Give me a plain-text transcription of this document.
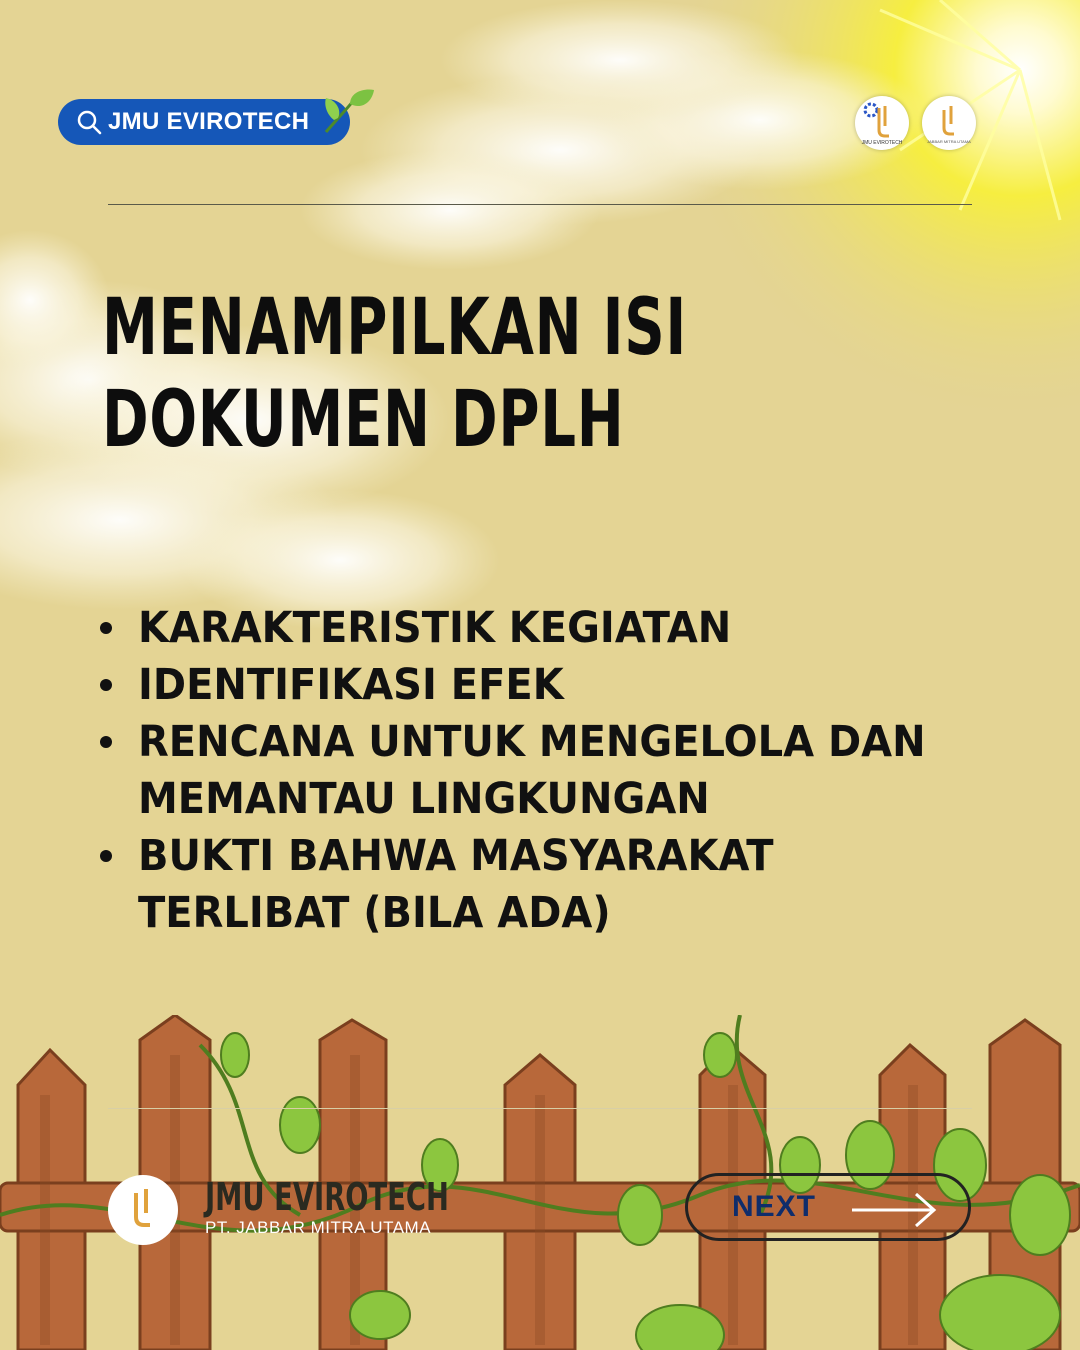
JMU EVIROTECH
JMU EVIROTECH	JABBAR MITRA UTAMA
MENAMPILKAN ISI DOKUMEN DPLH
KARAKTERISTIK KEGIATAN
IDENTIFIKASI EFEK
RENCANA UNTUK MENGELOLA DAN MEMANTAU LINGKUNGAN
BUKTI BAHWA MASYARAKAT TERLIBAT (BILA ADA)

JMU EVIROTECH

PT. JABBAR MITRA UTAMA

NEXT
